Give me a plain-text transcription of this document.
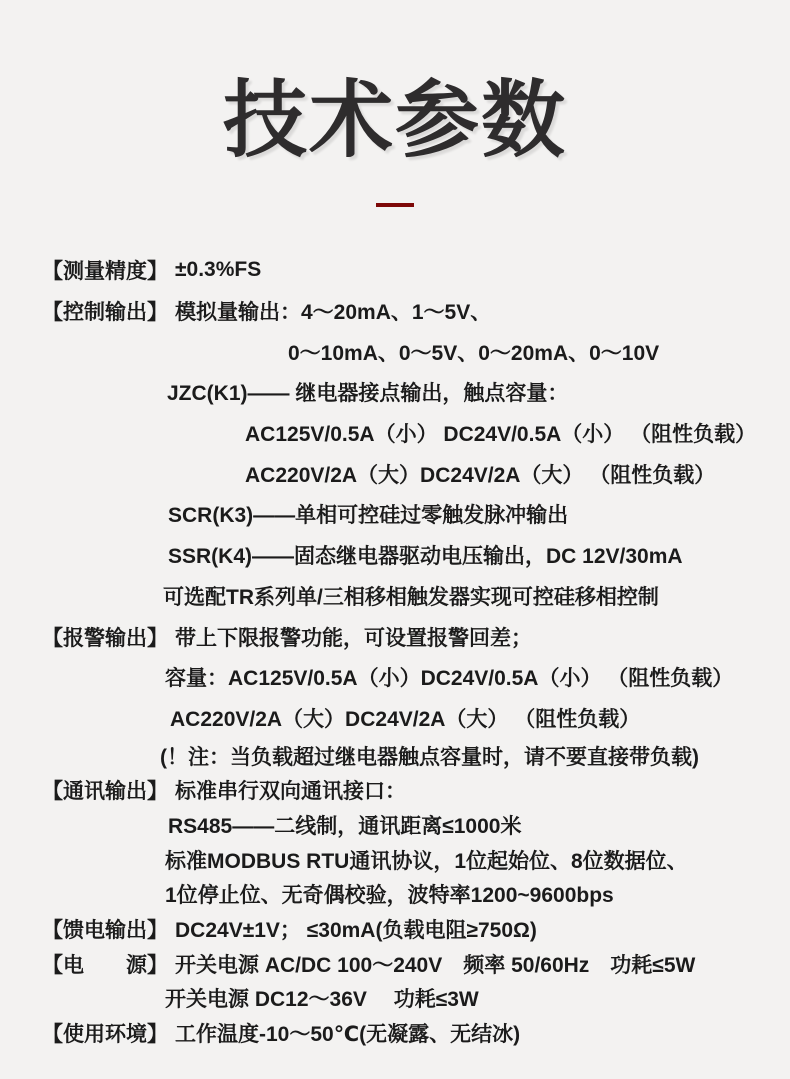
技术参数
【测量精度】 ±0.3%FS
【控制输出】 模拟量输出：4～20mA、1～5V、
0～10mA、0～5V、0～20mA、0～10V
JZC(K1)—— 继电器接点输出，触点容量：
AC125V/0.5A（小） DC24V/0.5A（小） （阻性负载）
AC220V/2A（大）DC24V/2A（大） （阻性负载）
SCR(K3)——单相可控硅过零触发脉冲输出
SSR(K4)——固态继电器驱动电压输出，DC 12V/30mA
可选配TR系列单/三相移相触发器实现可控硅移相控制
【报警输出】 带上下限报警功能，可设置报警回差；
容量：AC125V/0.5A（小）DC24V/0.5A（小） （阻性负载）
AC220V/2A（大）DC24V/2A（大） （阻性负载）
(！注：当负载超过继电器触点容量时，请不要直接带负载)
【通讯输出】 标准串行双向通讯接口：
RS485——二线制，通讯距离≤1000米
标准MODBUS RTU通讯协议，1位起始位、8位数据位、
1位停止位、无奇偶校验，波特率1200~9600bps
【馈电输出】 DC24V±1V； ≤30mA(负载电阻≥750Ω)
【电　　源】 开关电源 AC/DC 100～240V　频率 50/60Hz　功耗≤5W
开关电源 DC12～36V　 功耗≤3W
【使用环境】 工作温度-10～50℃(无凝露、无结冰)
